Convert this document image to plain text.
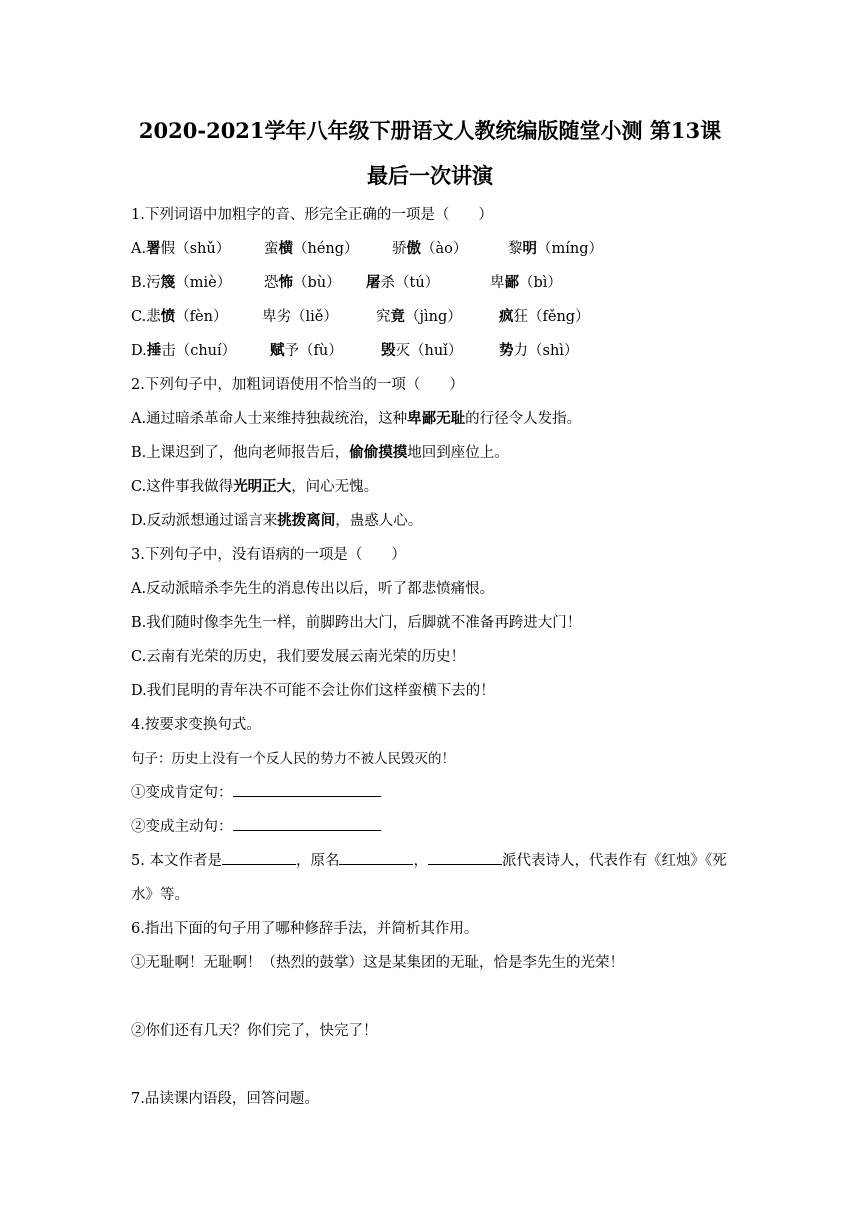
2020-2021学年八年级下册语文人教统编版随堂小测 第13课
最后一次讲演
1.下列词语中加粗字的音、形完全正确的一项是（　　）
A.署假（shǔ） 蛮横（héng） 骄傲（ào）	黎明（míng）
B.污篾（miè） 恐怖（bù） 屠杀（tú）	卑鄙（bì）
C.悲愤（fèn） 卑劣（liě）	究竟（jìng）	疯狂（fěng）
D.捶击（chuí） 赋予（fù）	毁灭（huǐ）	势力（shì）
2.下列句子中，加粗词语使用不恰当的一项（　　）
A.通过暗杀革命人士来维持独裁统治，这种卑鄙无耻的行径令人发指。
B.上课迟到了，他向老师报告后，偷偷摸摸地回到座位上。
C.这件事我做得光明正大，问心无愧。
D.反动派想通过谣言来挑拨离间，蛊惑人心。
3.下列句子中，没有语病的一项是（　　）
A.反动派暗杀李先生的消息传出以后，听了都悲愤痛恨。
B.我们随时像李先生一样，前脚跨出大门，后脚就不准备再跨进大门！
C.云南有光荣的历史，我们要发展云南光荣的历史！
D.我们昆明的青年决不可能不会让你们这样蛮横下去的！
4.按要求变换句式。
句子：历史上没有一个反人民的势力不被人民毁灭的！
①变成肯定句：
②变成主动句：
5. 本文作者是	，原名	，	派代表诗人，代表作有《红烛》《死
水》等。
6.指出下面的句子用了哪种修辞手法，并简析其作用。
①无耻啊！无耻啊！（热烈的鼓掌）这是某集团的无耻，恰是李先生的光荣！
②你们还有几天？你们完了，快完了！
7.品读课内语段，回答问题。
